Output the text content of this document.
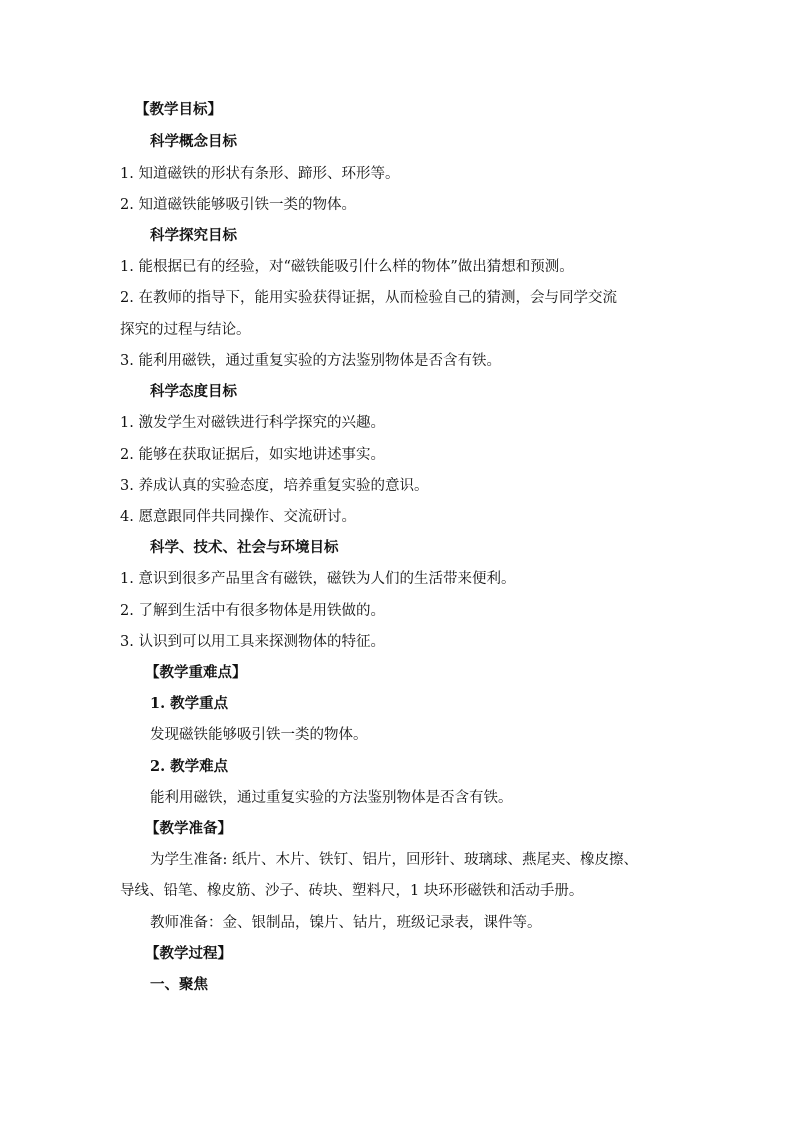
【教学目标】
科学概念目标
1. 知道磁铁的形状有条形、蹄形、环形等。
2. 知道磁铁能够吸引铁一类的物体。
科学探究目标
1. 能根据已有的经验，对“磁铁能吸引什么样的物体”做出猜想和预测。
2. 在教师的指导下，能用实验获得证据，从而检验自己的猜测，会与同学交流
探究的过程与结论。
3. 能利用磁铁，通过重复实验的方法鉴别物体是否含有铁。
科学态度目标
1. 激发学生对磁铁进行科学探究的兴趣。
2. 能够在获取证据后，如实地讲述事实。
3. 养成认真的实验态度，培养重复实验的意识。
4. 愿意跟同伴共同操作、交流研讨。
科学、技术、社会与环境目标
1. 意识到很多产品里含有磁铁，磁铁为人们的生活带来便利。
2. 了解到生活中有很多物体是用铁做的。
3. 认识到可以用工具来探测物体的特征。
【教学重难点】
1. 教学重点
发现磁铁能够吸引铁一类的物体。
2. 教学难点
能利用磁铁，通过重复实验的方法鉴别物体是否含有铁。
【教学准备】
为学生准备: 纸片、木片、铁钉、铝片，回形针、玻璃球、燕尾夹、橡皮擦、
导线、铅笔、橡皮筋、沙子、砖块、塑料尺，1 块环形磁铁和活动手册。
教师准备：金、银制品，镍片、钴片，班级记录表，课件等。
【教学过程】
一、聚焦
